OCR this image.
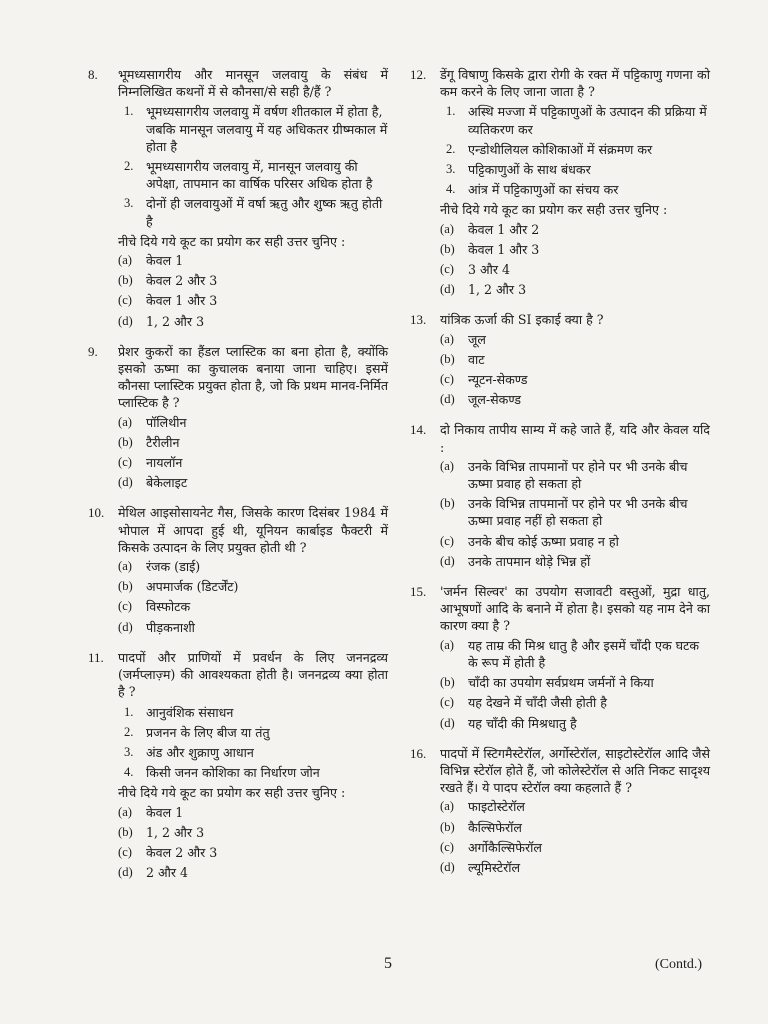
8. भूमध्यसागरीय और मानसून जलवायु के संबंध में निम्नलिखित कथनों में से कौनसा/से सही है/हैं ?
1. भूमध्यसागरीय जलवायु में वर्षण शीतकाल में होता है, जबकि मानसून जलवायु में यह अधिकतर ग्रीष्मकाल में होता है
2. भूमध्यसागरीय जलवायु में, मानसून जलवायु की अपेक्षा, तापमान का वार्षिक परिसर अधिक होता है
3. दोनों ही जलवायुओं में वर्षा ऋतु और शुष्क ऋतु होती है
नीचे दिये गये कूट का प्रयोग कर सही उत्तर चुनिए :
(a) केवल 1
(b) केवल 2 और 3
(c) केवल 1 और 3
(d) 1, 2 और 3
9. प्रेशर कुकरों का हैंडल प्लास्टिक का बना होता है, क्योंकि इसको ऊष्मा का कुचालक बनाया जाना चाहिए। इसमें कौनसा प्लास्टिक प्रयुक्त होता है, जो कि प्रथम मानव-निर्मित प्लास्टिक है ?
(a) पॉलिथीन
(b) टैरीलीन
(c) नायलॉन
(d) बेकेलाइट
10. मेथिल आइसोसायनेट गैस, जिसके कारण दिसंबर 1984 में भोपाल में आपदा हुई थी, यूनियन कार्बाइड फैक्टरी में किसके उत्पादन के लिए प्रयुक्त होती थी ?
(a) रंजक (डाई)
(b) अपमार्जक (डिटर्जेंट)
(c) विस्फोटक
(d) पीड़कनाशी
11. पादपों और प्राणियों में प्रवर्धन के लिए जननद्रव्य (जर्मप्लाज़्म) की आवश्यकता होती है। जननद्रव्य क्या होता है ?
1. आनुवंशिक संसाधन
2. प्रजनन के लिए बीज या तंतु
3. अंड और शुक्राणु आधान
4. किसी जनन कोशिका का निर्धारण जोन
नीचे दिये गये कूट का प्रयोग कर सही उत्तर चुनिए :
(a) केवल 1
(b) 1, 2 और 3
(c) केवल 2 और 3
(d) 2 और 4
12. डेंगू विषाणु किसके द्वारा रोगी के रक्त में पट्टिकाणु गणना को कम करने के लिए जाना जाता है ?
1. अस्थि मज्जा में पट्टिकाणुओं के उत्पादन की प्रक्रिया में व्यतिकरण कर
2. एन्डोथीलियल कोशिकाओं में संक्रमण कर
3. पट्टिकाणुओं के साथ बंधकर
4. आंत्र में पट्टिकाणुओं का संचय कर
नीचे दिये गये कूट का प्रयोग कर सही उत्तर चुनिए :
(a) केवल 1 और 2
(b) केवल 1 और 3
(c) 3 और 4
(d) 1, 2 और 3
13. यांत्रिक ऊर्जा की SI इकाई क्या है ?
(a) जूल
(b) वाट
(c) न्यूटन-सेकण्ड
(d) जूल-सेकण्ड
14. दो निकाय तापीय साम्य में कहे जाते हैं, यदि और केवल यदि :
(a) उनके विभिन्न तापमानों पर होने पर भी उनके बीच ऊष्मा प्रवाह हो सकता हो
(b) उनके विभिन्न तापमानों पर होने पर भी उनके बीच ऊष्मा प्रवाह नहीं हो सकता हो
(c) उनके बीच कोई ऊष्मा प्रवाह न हो
(d) उनके तापमान थोड़े भिन्न हों
15. 'जर्मन सिल्वर' का उपयोग सजावटी वस्तुओं, मुद्रा धातु, आभूषणों आदि के बनाने में होता है। इसको यह नाम देने का कारण क्या है ?
(a) यह ताम्र की मिश्र धातु है और इसमें चाँदी एक घटक के रूप में होती है
(b) चाँदी का उपयोग सर्वप्रथम जर्मनों ने किया
(c) यह देखने में चाँदी जैसी होती है
(d) यह चाँदी की मिश्रधातु है
16. पादपों में स्टिगमैस्टेरॉल, अर्गोस्टेरॉल, साइटोस्टेरॉल आदि जैसे विभिन्न स्टेरॉल होते हैं, जो कोलेस्टेरॉल से अति निकट सादृश्य रखते हैं। ये पादप स्टेरॉल क्या कहलाते हैं ?
(a) फाइटोस्टेरॉल
(b) कैल्सिफेरॉल
(c) अर्गोकैल्सिफेरॉल
(d) ल्यूमिस्टेरॉल
5	(Contd.)
